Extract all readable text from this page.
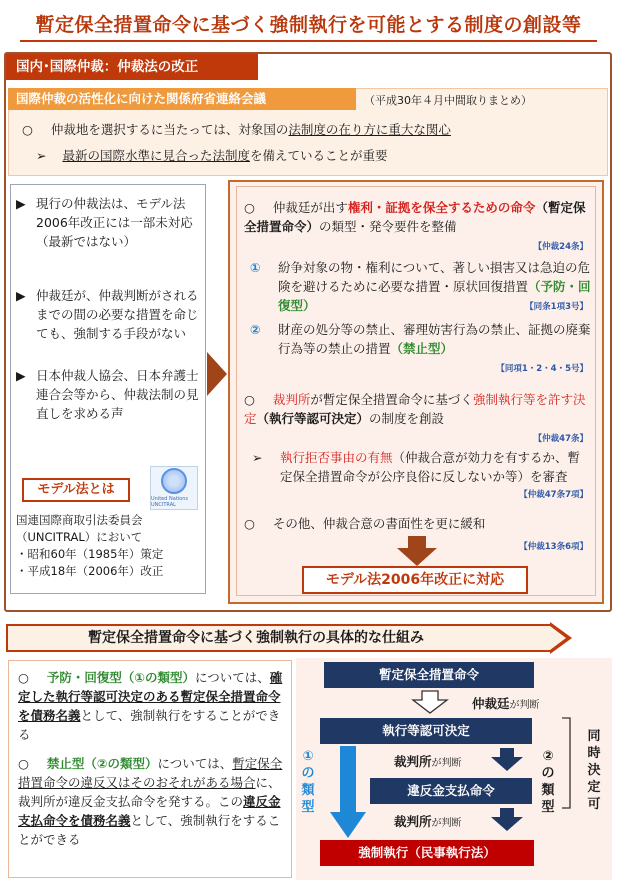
暫定保全措置命令に基づく強制執行を可能とする制度の創設等
国内･国際仲裁：仲裁法の改正
国際仲裁の活性化に向けた関係府省連絡会議	（平成30年４月中間取りまとめ）
○ 仲裁地を選択するに当たっては、対象国の法制度の在り方に重大な関心
➢ 最新の国際水準に見合った法制度を備えていることが重要
▶ 現行の仲裁法は、モデル法2006年改正には一部未対応（最新ではない）
▶ 仲裁廷が、仲裁判断がされるまでの間の必要な措置を命じても、強制する手段がない
▶ 日本仲裁人協会、日本弁護士連合会等から、仲裁法制の見直しを求める声
モデル法とは
United Nations UNCITRAL
国連国際商取引法委員会
（UNCITRAL）において
・昭和60年（1985年）策定
・平成18年（2006年）改正
○ 仲裁廷が出す権利・証拠を保全するための命令（暫定保全措置命令）の類型・発令要件を整備
【仲裁24条】
①	紛争対象の物・権利について、著しい損害又は急迫の危険を避けるために必要な措置・原状回復措置（予防・回復型）	【同条1項3号】
②	財産の処分等の禁止、審理妨害行為の禁止、証拠の廃棄行為等の禁止の措置（禁止型）
【同項1・2・4・5号】
○ 裁判所が暫定保全措置命令に基づく強制執行等を許す決定（執行等認可決定）の制度を創設
【仲裁47条】
➢	執行拒否事由の有無（仲裁合意が効力を有するか、暫定保全措置命令が公序良俗に反しないか等）を審査
【仲裁47条7項】
○ その他、仲裁合意の書面性を更に緩和
【仲裁13条6項】
モデル法2006年改正に対応
暫定保全措置命令に基づく強制執行の具体的な仕組み
○ 予防・回復型（①の類型）については、確定した執行等認可決定のある暫定保全措置命令を債務名義として、強制執行をすることができる
○ 禁止型（②の類型）については、暫定保全措置命令の違反又はそのおそれがある場合に、裁判所が違反金支払命令を発する。この違反金支払命令を債務名義として、強制執行をすることができる
暫定保全措置命令
仲裁廷が判断
執行等認可決定
裁判所が判断
違反金支払命令
裁判所が判断
強制執行（民事執行法）
①
の
類
型
②
の
類
型
同
時
決
定
可
